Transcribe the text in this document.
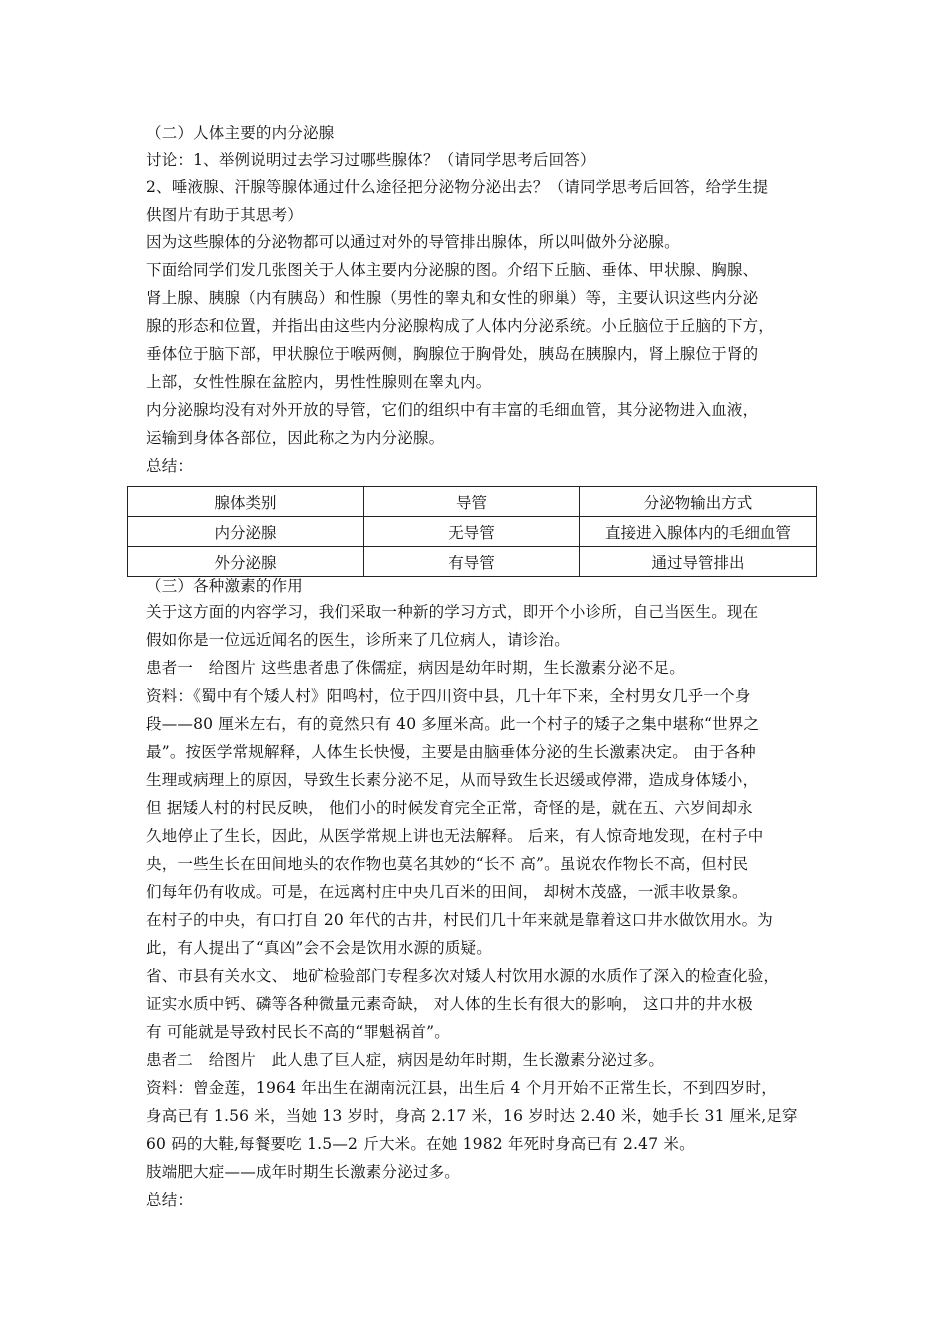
（二）人体主要的内分泌腺
讨论：1、举例说明过去学习过哪些腺体？（请同学思考后回答）
2、唾液腺、汗腺等腺体通过什么途径把分泌物分泌出去？（请同学思考后回答，给学生提
供图片有助于其思考）
因为这些腺体的分泌物都可以通过对外的导管排出腺体，所以叫做外分泌腺。
下面给同学们发几张图关于人体主要内分泌腺的图。介绍下丘脑、垂体、甲状腺、胸腺、
肾上腺、胰腺（内有胰岛）和性腺（男性的睾丸和女性的卵巢）等，主要认识这些内分泌
腺的形态和位置，并指出由这些内分泌腺构成了人体内分泌系统。小丘脑位于丘脑的下方，
垂体位于脑下部，甲状腺位于喉两侧，胸腺位于胸骨处，胰岛在胰腺内，肾上腺位于肾的
上部，女性性腺在盆腔内，男性性腺则在睾丸内。
内分泌腺均没有对外开放的导管，它们的组织中有丰富的毛细血管，其分泌物进入血液，
运输到身体各部位，因此称之为内分泌腺。
总结：
腺体类别	导管	分泌物输出方式
内分泌腺	无导管	直接进入腺体内的毛细血管
外分泌腺	有导管	通过导管排出
（三）各种激素的作用
关于这方面的内容学习，我们采取一种新的学习方式，即开个小诊所，自己当医生。现在
假如你是一位远近闻名的医生，诊所来了几位病人，请诊治。
患者一　给图片 这些患者患了侏儒症，病因是幼年时期，生长激素分泌不足。
资料：《蜀中有个矮人村》阳鸣村，位于四川资中县，几十年下来，全村男女几乎一个身
段——80 厘米左右，有的竟然只有 40 多厘米高。此一个村子的矮子之集中堪称“世界之
最”。按医学常规解释，人体生长快慢，主要是由脑垂体分泌的生长激素决定。 由于各种
生理或病理上的原因，导致生长素分泌不足，从而导致生长迟缓或停滞，造成身体矮小，
但 据矮人村的村民反映， 他们小的时候发育完全正常，奇怪的是，就在五、六岁间却永
久地停止了生长，因此，从医学常规上讲也无法解释。 后来，有人惊奇地发现，在村子中
央，一些生长在田间地头的农作物也莫名其妙的“长不 高”。虽说农作物长不高，但村民
们每年仍有收成。可是，在远离村庄中央几百米的田间， 却树木茂盛，一派丰收景象。
在村子的中央，有口打自 20 年代的古井，村民们几十年来就是靠着这口井水做饮用水。为
此，有人提出了“真凶”会不会是饮用水源的质疑。
省、市县有关水文、 地矿检验部门专程多次对矮人村饮用水源的水质作了深入的检查化验，
证实水质中钙、磷等各种微量元素奇缺， 对人体的生长有很大的影响， 这口井的井水极
有 可能就是导致村民长不高的“罪魁祸首”。
患者二　给图片　此人患了巨人症，病因是幼年时期，生长激素分泌过多。
资料：曾金莲，1964 年出生在湖南沅江县，出生后 4 个月开始不正常生长，不到四岁时，
身高已有 1.56 米，当她 13 岁时，身高 2.17 米，16 岁时达 2.40 米，她手长 31 厘米,足穿
60 码的大鞋,每餐要吃 1.5—2 斤大米。在她 1982 年死时身高已有 2.47 米。
肢端肥大症——成年时期生长激素分泌过多。
总结：
